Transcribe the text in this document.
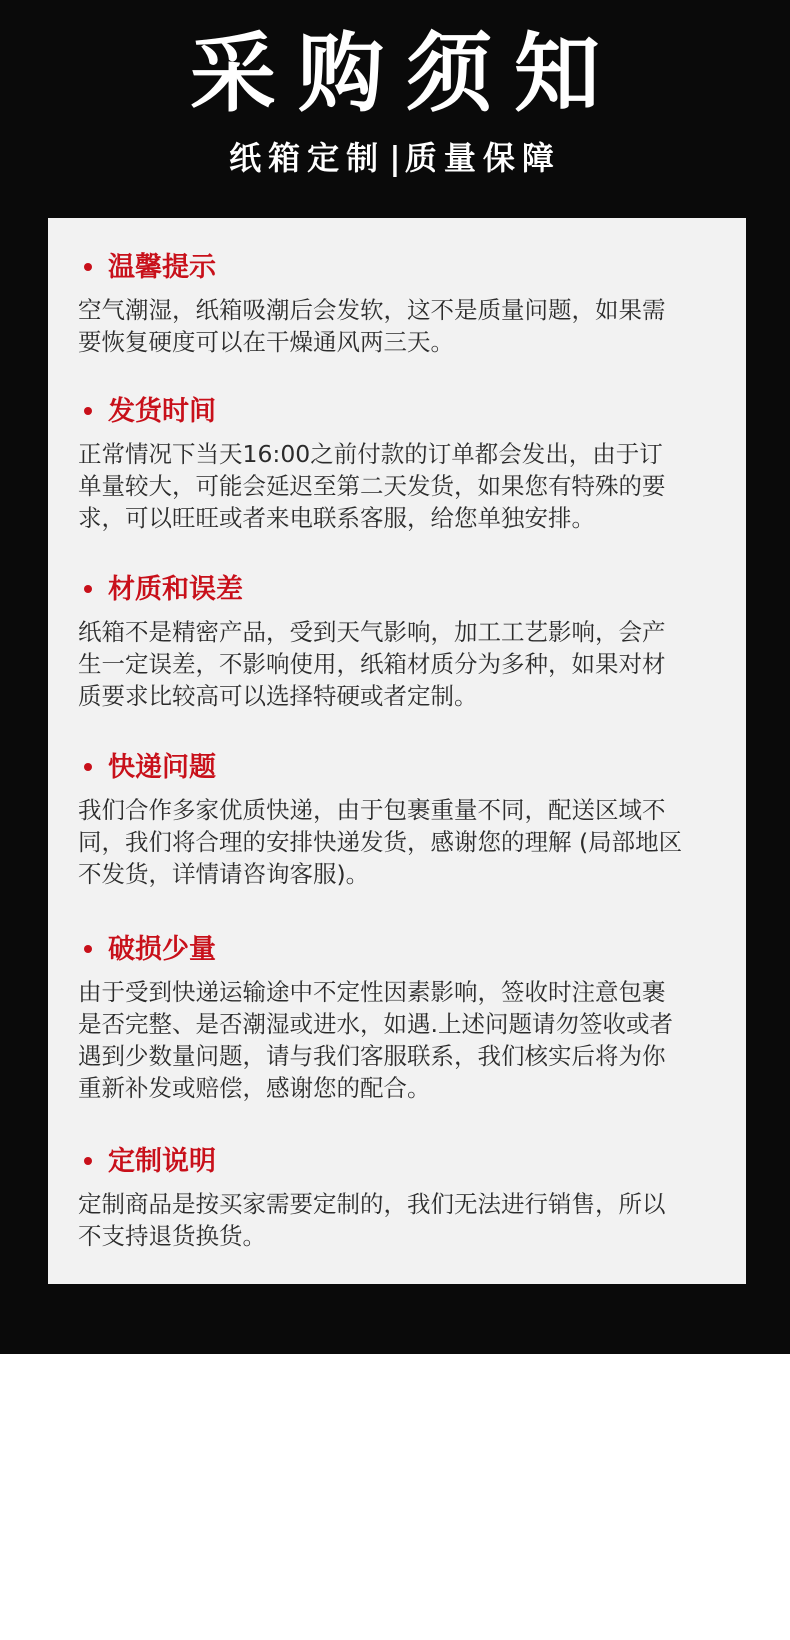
采购须知
纸箱定制 | 质量保障
温馨提示
空气潮湿，纸箱吸潮后会发软，这不是质量问题，如果需
要恢复硬度可以在干燥通风两三天。
发货时间
正常情况下当天16:00之前付款的订单都会发出，由于订
单量较大，可能会延迟至第二天发货，如果您有特殊的要
求，可以旺旺或者来电联系客服，给您单独安排。
材质和误差
纸箱不是精密产品，受到天气影响，加工工艺影响，会产
生一定误差，不影响使用，纸箱材质分为多种，如果对材
质要求比较高可以选择特硬或者定制。
快递问题
我们合作多家优质快递，由于包裹重量不同，配送区域不
同，我们将合理的安排快递发货，感谢您的理解 (局部地区
不发货，详情请咨询客服)。
破损少量
由于受到快递运输途中不定性因素影响，签收时注意包裹
是否完整、是否潮湿或进水，如遇.上述问题请勿签收或者
遇到少数量问题，请与我们客服联系，我们核实后将为你
重新补发或赔偿，感谢您的配合。
定制说明
定制商品是按买家需要定制的，我们无法进行销售，所以
不支持退货换货。
